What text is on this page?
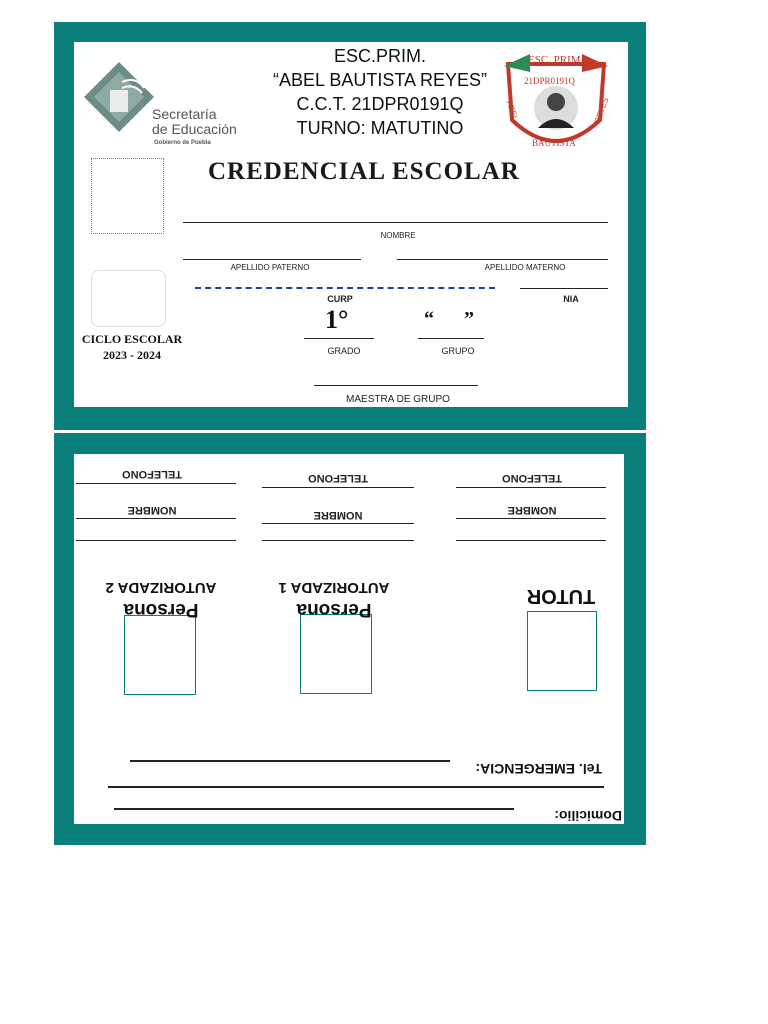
Secretaría
de Educación
Gobierno de Puebla
ESC.PRIM.
“ABEL BAUTISTA REYES”
C.C.T. 21DPR0191Q
TURNO: MATUTINO
ESC. PRIM
21DPR0191Q
ABEL	REYES
BAUTISTA
CREDENCIAL ESCOLAR
NOMBRE
APELLIDO PATERNO	APELLIDO MATERNO
CURP	NIA
1°
GRADO
“      ”
GRUPO
CICLO ESCOLAR
2023 - 2024
MAESTRA DE GRUPO
Domicilio:
Tel. EMERGENCIA:
TUTOR
NOMBRE
TELEFONO
Persona
AUTORIZADA 1
NOMBRE
TELEFONO
Persona
AUTORIZADA 2
NOMBRE
TELEFONO
